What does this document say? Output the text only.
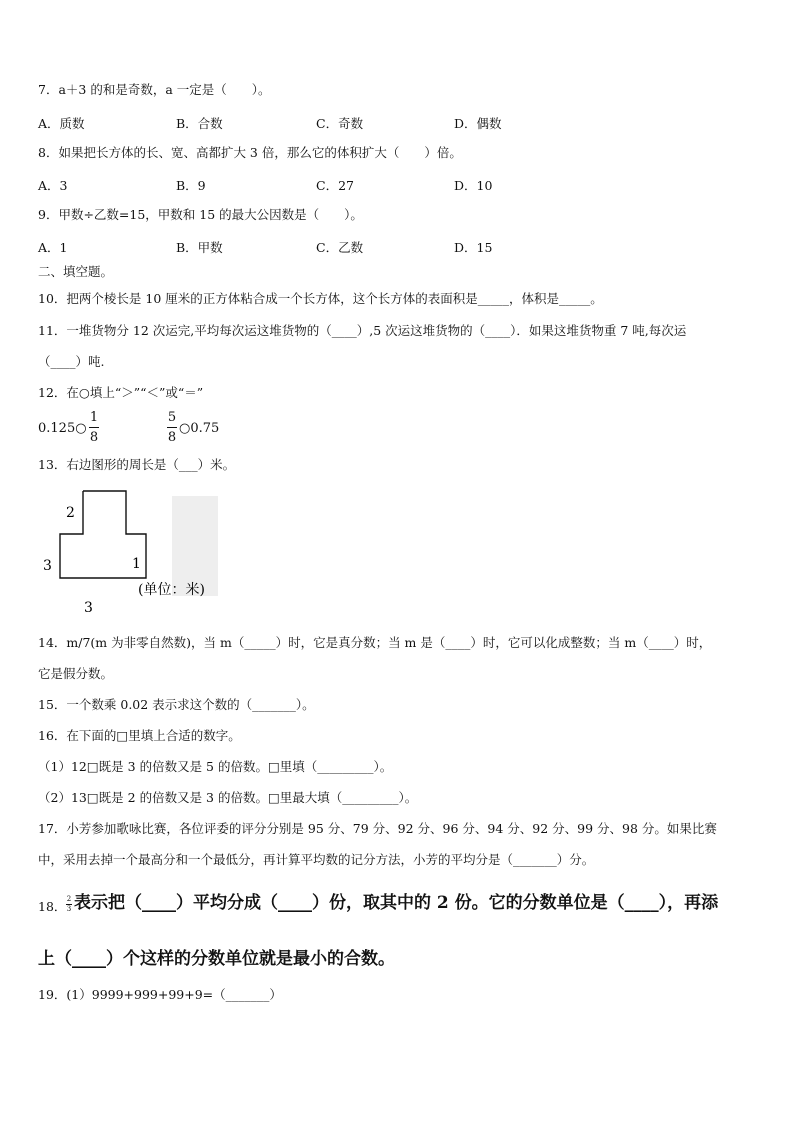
7．a＋3 的和是奇数，a 一定是（　　）。
A．质数	B．合数	C．奇数	D．偶数
8．如果把长方体的长、宽、高都扩大 3 倍，那么它的体积扩大（　　）倍。
A．3	B．9	C．27	D．10
9．甲数÷乙数=15，甲数和 15 的最大公因数是（　　）。
A．1	B．甲数	C．乙数	D．15
二、填空题。
10．把两个棱长是 10 厘米的正方体粘合成一个长方体，这个长方体的表面积是_____，体积是_____。
11．一堆货物分 12 次运完,平均每次运这堆货物的（____）,5 次运这堆货物的（____）．如果这堆货物重 7 吨,每次运
（____）吨.
12．在○填上“＞”“＜”或“＝”
0.125○
1
8
5
8
○0.75
13．右边图形的周长是（___）米。
2
3
3
1
(单位：米)
14．m/7(m 为非零自然数)，当 m（_____）时，它是真分数；当 m 是（____）时，它可以化成整数；当 m（____）时，
它是假分数。
15．一个数乘 0.02 表示求这个数的（_______）。
16．在下面的□里填上合适的数字。
（1）12□既是 3 的倍数又是 5 的倍数。□里填（_________）。
（2）13□既是 2 的倍数又是 3 的倍数。□里最大填（_________）。
17．小芳参加歌咏比赛，各位评委的评分分别是 95 分、79 分、92 分、96 分、94 分、92 分、99 分、98 分。如果比赛
中，采用去掉一个最高分和一个最低分，再计算平均数的记分方法，小芳的平均分是（_______）分。
18． 2
3 表示把（____）平均分成（____）份，取其中的 2 份。它的分数单位是（____），再添
上（____）个这样的分数单位就是最小的合数。
19．(1）9999+999+99+9=（_______）
